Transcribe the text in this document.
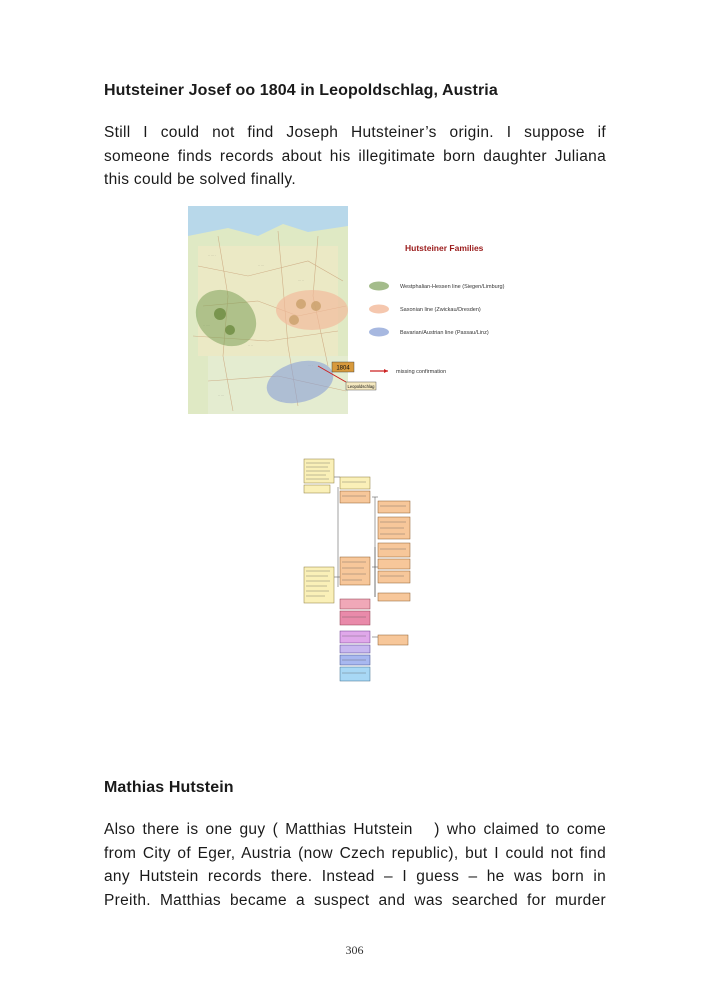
Hutsteiner Josef oo 1804 in Leopoldschlag, Austria
Still I could not find Joseph Hutsteiner’s origin. I suppose if
someone finds records about his illegitimate born daughter Juliana
this could be solved finally.
·· ··· ·
·· ···
··· ··
·· ··
·· ···
1804
Leopoldschlag
Hutsteiner Families
Westphalian-Hessen line (Siegen/Limburg)
Saxonian line (Zwickau/Dresden)
Bavarian/Austrian line (Passau/Linz)
missing confirmation
Mathias Hutstein
Also there is one guy ( Matthias Hutstein   ) who claimed to come
from City of Eger, Austria (now Czech republic), but I could not find
any Hutstein records there. Instead – I guess – he was born in
Preith. Matthias became a suspect and was searched for murder
306
